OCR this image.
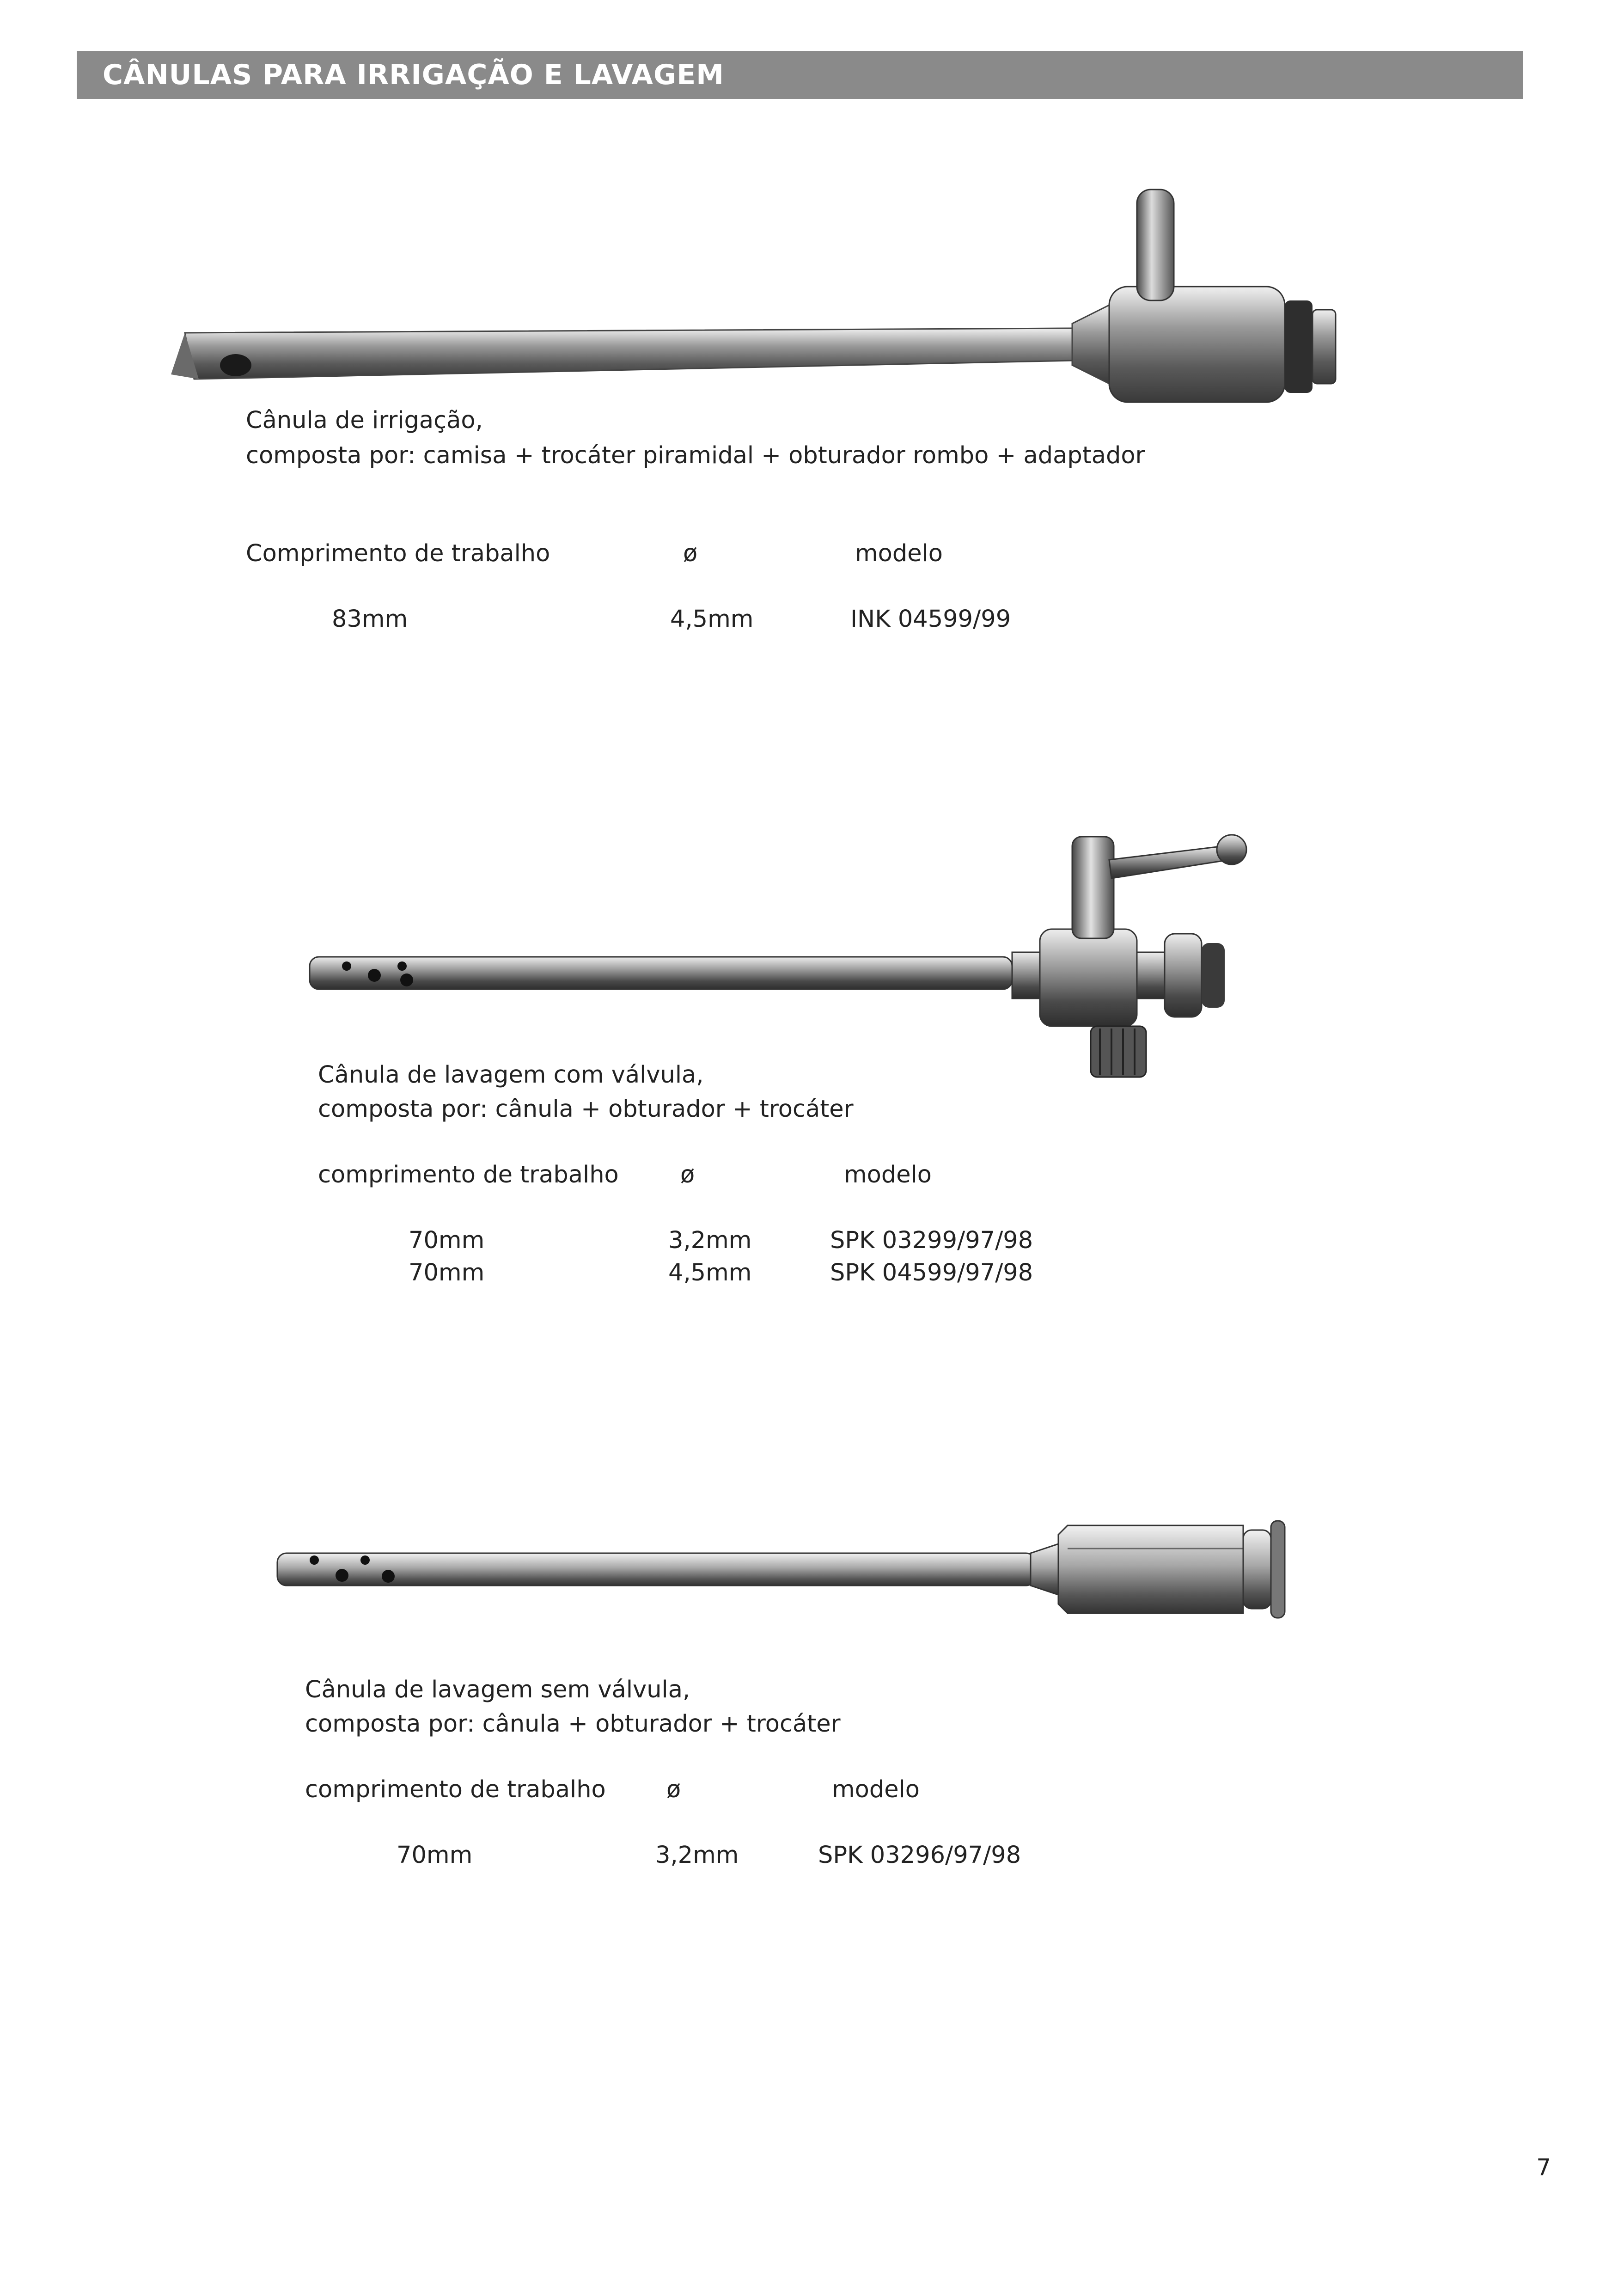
CÂNULAS PARA IRRIGAÇÃO E LAVAGEM
Cânula de irrigação,
composta por: camisa + trocáter piramidal + obturador rombo + adaptador
Comprimento de trabalho	ø	modelo
83mm	4,5mm	INK 04599/99
Cânula de lavagem com válvula,
composta por: cânula + obturador + trocáter
comprimento de trabalho	ø	modelo
70mm	3,2mm	SPK 03299/97/98
70mm	4,5mm	SPK 04599/97/98
Cânula de lavagem sem válvula,
composta por: cânula + obturador + trocáter
comprimento de trabalho	ø	modelo
70mm	3,2mm	SPK 03296/97/98
7
